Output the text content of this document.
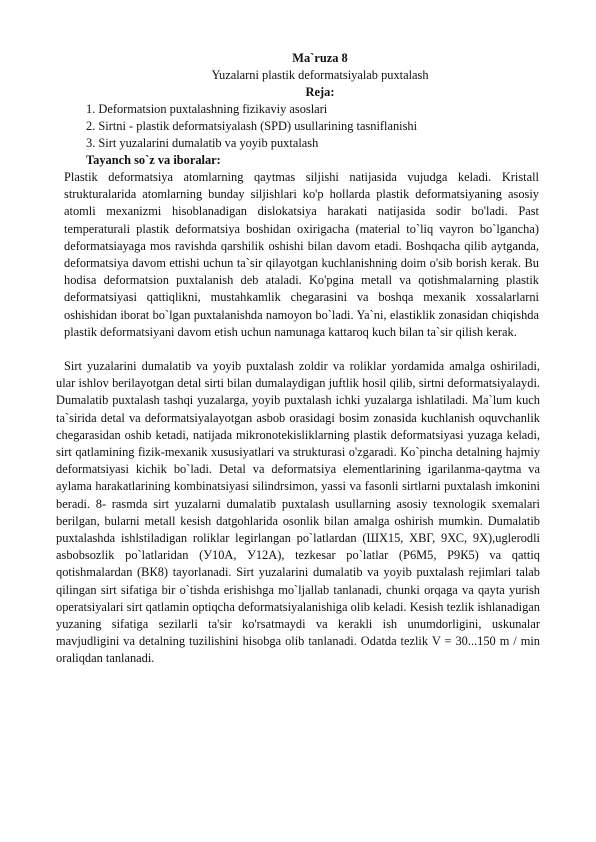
Ma`ruza 8
Yuzalarni plastik deformatsiyalab puxtalash
Reja:
1. Deformatsion puxtalashning fizikaviy asoslari
2. Sirtni - plastik deformatsiyalash (SPD) usullarining tasniflanishi
3. Sirt yuzalarini dumalatib va yoyib puxtalash
Tayanch so`z va iboralar:

Plastik deformatsiya atomlarning qaytmas siljishi natijasida vujudga keladi. Kristall strukturalarida atomlarning bunday siljishlari ko'p hollarda plastik deformatsiyaning asosiy atomli mexanizmi hisoblanadigan dislokatsiya harakati natijasida sodir bo'ladi. Past temperaturali plastik deformatsiya boshidan oxirigacha (material to`liq vayron bo`lgancha) deformatsiayaga mos ravishda qarshilik oshishi bilan davom etadi. Boshqacha qilib aytganda, deformatsiya davom ettishi uchun ta`sir qilayotgan kuchlanishning doim o'sib borish kerak. Bu hodisa deformatsion puxtalanish deb ataladi. Ko'pgina metall va qotishmalarning plastik deformatsiyasi qattiqlikni, mustahkamlik chegarasini va boshqa mexanik xossalarlarni oshishidan iborat bo`lgan puxtalanishda namoyon bo`ladi. Ya`ni, elastiklik zonasidan chiqishda plastik deformatsiyani davom etish uchun namunaga kattaroq kuch bilan ta`sir qilish kerak.

Sirt yuzalarini dumalatib va yoyib puxtalash zoldir va roliklar yordamida amalga oshiriladi, ular ishlov berilayotgan detal sirti bilan dumalaydigan juftlik hosil qilib, sirtni deformatsiyalaydi. Dumalatib puxtalash tashqi yuzalarga, yoyib puxtalash ichki yuzalarga ishlatiladi. Ma`lum kuch ta`sirida detal va deformatsiyalayotgan asbob orasidagi bosim zonasida kuchlanish oquvchanlik chegarasidan oshib ketadi, natijada mikronotekisliklarning plastik deformatsiyasi yuzaga keladi, sirt qatlamining fizik-mexanik xususiyatlari va strukturasi o'zgaradi. Ko`pincha detalning hajmiy deformatsiyasi kichik bo`ladi. Detal va deformatsiya elementlarining igarilanma-qaytma va aylama harakatlarining kombinatsiyasi silindrsimon, yassi va fasonli sirtlarni puxtalash imkonini beradi. 8- rasmda sirt yuzalarni dumalatib puxtalash usullarning asosiy texnologik sxemalari berilgan, bularni metall kesish datgohlarida osonlik bilan amalga oshirish mumkin. Dumalatib puxtalashda ishlstiladigan roliklar legirlangan po`latlardan (ШХ15, ХВГ, 9ХС, 9Х),uglerodli asbobsozlik po`latlaridan (У10А, У12А), tezkesar po`latlar (Р6М5, Р9К5) va qattiq qotishmalardan (ВК8) tayorlanadi. Sirt yuzalarini dumalatib va yoyib puxtalash rejimlari talab qilingan sirt sifatiga bir o`tishda erishishga mo`ljallab tanlanadi, chunki orqaga va qayta yurish operatsiyalari sirt qatlamin optiqcha deformatsiyalanishiga olib keladi. Kesish tezlik ishlanadigan yuzaning sifatiga sezilarli ta'sir ko'rsatmaydi va kerakli ish unumdorligini, uskunalar mavjudligini va detalning tuzilishini hisobga olib tanlanadi. Odatda tezlik V = 30...150 m / min oraliqdan tanlanadi.
